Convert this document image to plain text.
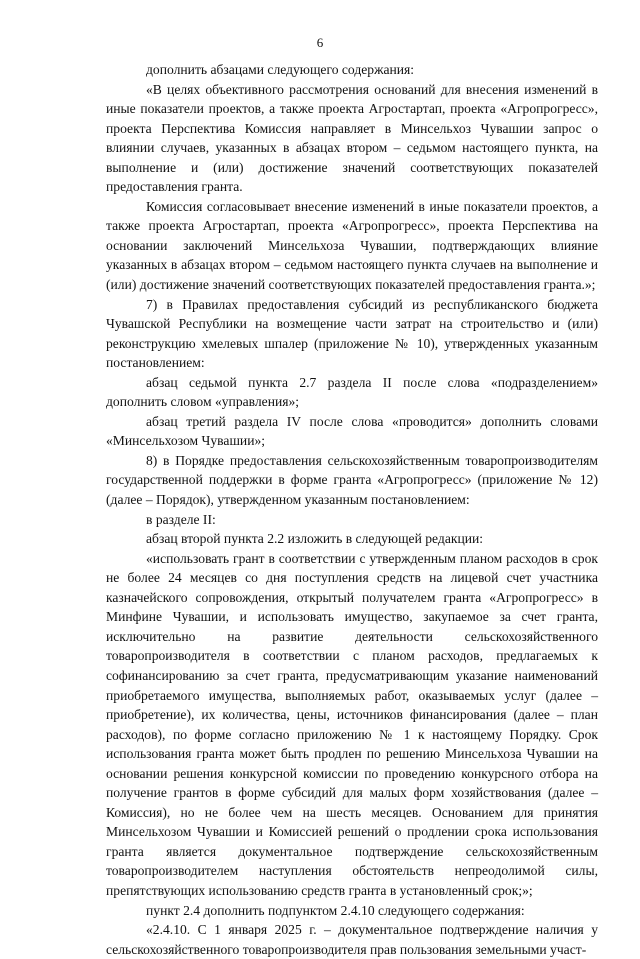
6

дополнить абзацами следующего содержания:

«В целях объективного рассмотрения оснований для внесения изменений в иные показатели проектов, а также проекта Агростартап, проекта «Агропрогресс», проекта Перспектива Комиссия направляет в Минсельхоз Чувашии запрос о влиянии случаев, указанных в абзацах втором – седьмом настоящего пункта, на выполнение и (или) достижение значений соответствующих показателей предоставления гранта.

Комиссия согласовывает внесение изменений в иные показатели проектов, а также проекта Агростартап, проекта «Агропрогресс», проекта Перспектива на основании заключений Минсельхоза Чувашии, подтверждающих влияние указанных в абзацах втором – седьмом настоящего пункта случаев на выполнение и (или) достижение значений соответствующих показателей предоставления гранта.»;

7) в Правилах предоставления субсидий из республиканского бюджета Чувашской Республики на возмещение части затрат на строительство и (или) реконструкцию хмелевых шпалер (приложение № 10), утвержденных указанным постановлением:

абзац седьмой пункта 2.7 раздела II после слова «подразделением» дополнить словом «управления»;

абзац третий раздела IV после слова «проводится» дополнить словами «Минсельхозом Чувашии»;

8) в Порядке предоставления сельскохозяйственным товаропроизводителям государственной поддержки в форме гранта «Агропрогресс» (приложение № 12) (далее – Порядок), утвержденном указанным постановлением:

в разделе II:

абзац второй пункта 2.2 изложить в следующей редакции:

«использовать грант в соответствии с утвержденным планом расходов в срок не более 24 месяцев со дня поступления средств на лицевой счет участника казначейского сопровождения, открытый получателем гранта «Агропрогресс» в Минфине Чувашии, и использовать имущество, закупаемое за счет гранта, исключительно на развитие деятельности сельскохозяйственного товаропроизводителя в соответствии с планом расходов, предлагаемых к софинансированию за счет гранта, предусматривающим указание наименований приобретаемого имущества, выполняемых работ, оказываемых услуг (далее – приобретение), их количества, цены, источников финансирования (далее – план расходов), по форме согласно приложению № 1 к настоящему Порядку. Срок использования гранта может быть продлен по решению Минсельхоза Чувашии на основании решения конкурсной комиссии по проведению конкурсного отбора на получение грантов в форме субсидий для малых форм хозяйствования (далее – Комиссия), но не более чем на шесть месяцев. Основанием для принятия Минсельхозом Чувашии и Комиссией решений о продлении срока использования гранта является документальное подтверждение сельскохозяйственным товаропроизводителем наступления обстоятельств непреодолимой силы, препятствующих использованию средств гранта в установленный срок;»;

пункт 2.4 дополнить подпунктом 2.4.10 следующего содержания:

«2.4.10. С 1 января 2025 г. – документальное подтверждение наличия у сельскохозяйственного товаропроизводителя прав пользования земельными участ-
